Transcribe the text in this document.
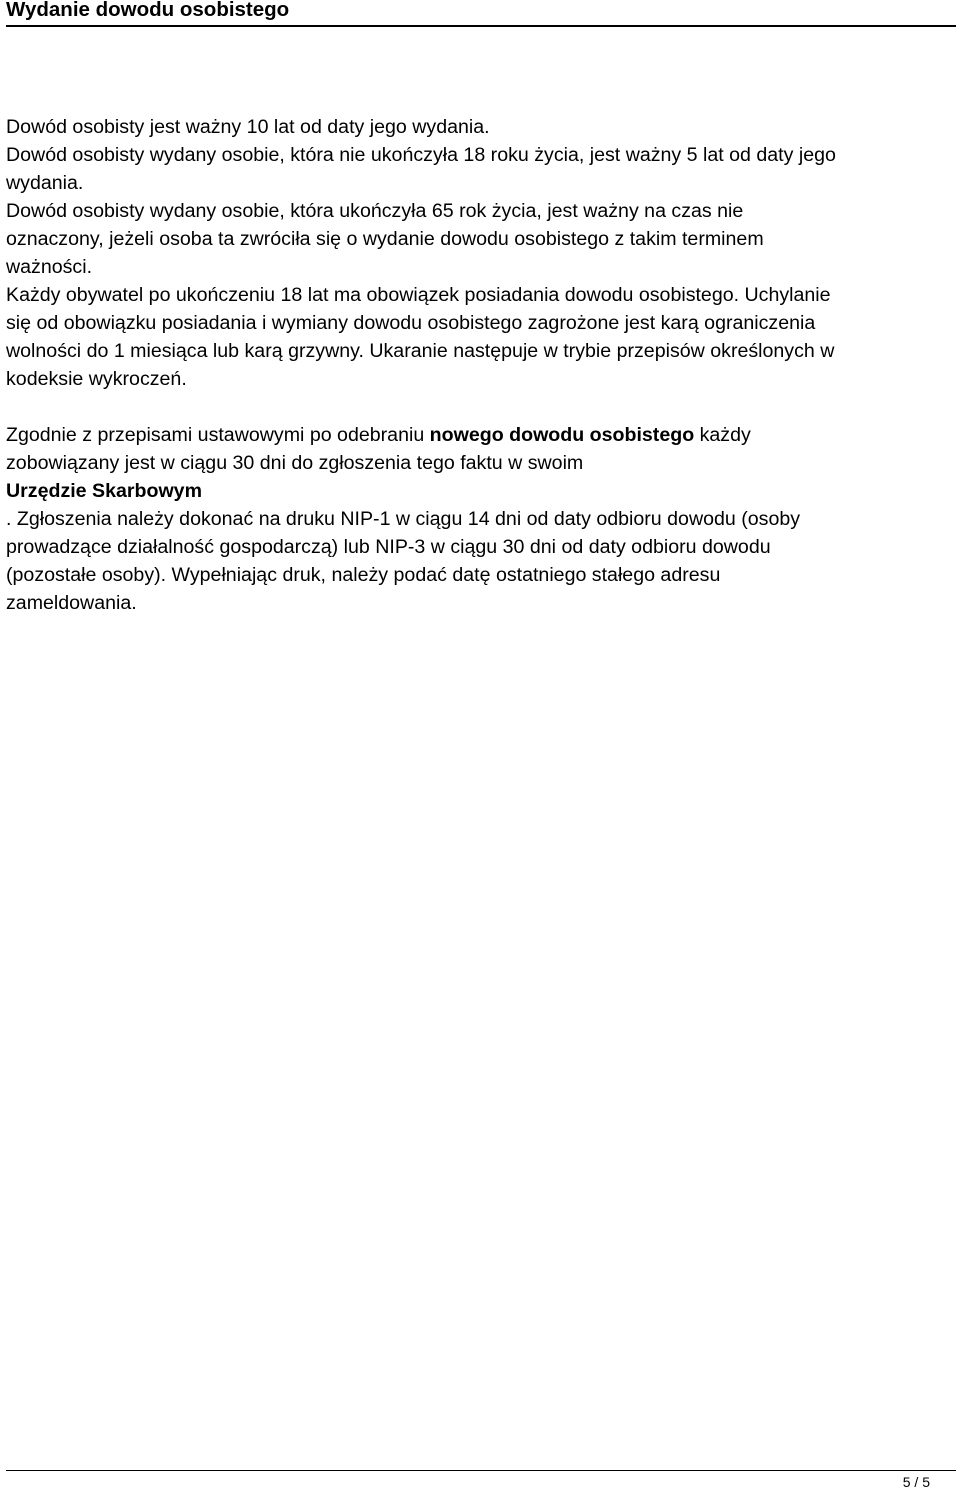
Wydanie dowodu osobistego

Dowód osobisty jest ważny 10 lat od daty jego wydania.

Dowód osobisty wydany osobie, która nie ukończyła 18 roku życia, jest ważny 5 lat od daty jego

wydania.

Dowód osobisty wydany osobie, która ukończyła 65 rok życia, jest ważny na czas nie

oznaczony, jeżeli osoba ta zwróciła się o wydanie dowodu osobistego z takim terminem

ważności.

Każdy obywatel po ukończeniu 18 lat ma obowiązek posiadania dowodu osobistego. Uchylanie

się od obowiązku posiadania i wymiany dowodu osobistego zagrożone jest karą ograniczenia

wolności do 1 miesiąca lub karą grzywny. Ukaranie następuje w trybie przepisów określonych w

kodeksie wykroczeń.

Zgodnie z przepisami ustawowymi po odebraniu nowego dowodu osobistego każdy

zobowiązany jest w ciągu 30 dni do zgłoszenia tego faktu w swoim

Urzędzie Skarbowym

. Zgłoszenia należy dokonać na druku NIP-1 w ciągu 14 dni od daty odbioru dowodu (osoby

prowadzące działalność gospodarczą) lub NIP-3 w ciągu 30 dni od daty odbioru dowodu

(pozostałe osoby). Wypełniając druk, należy podać datę ostatniego stałego adresu

zameldowania.

5 / 5
